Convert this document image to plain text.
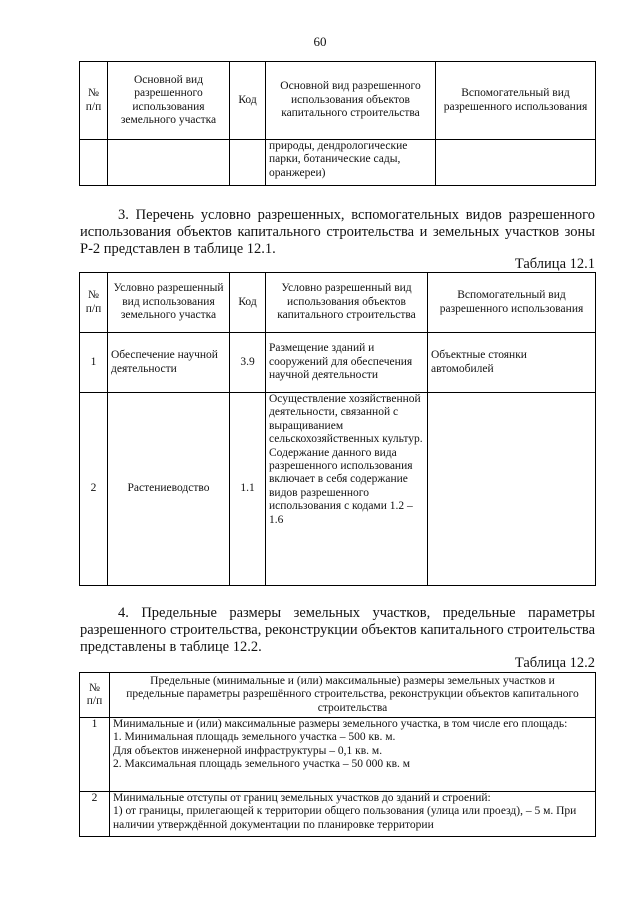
60
№ п/п	Основной вид разрешенного использования земельного участка	Код	Основной вид разрешенного использования объектов капитального строительства	Вспомогательный вид разрешенного использования
			природы, дендрологические парки, ботанические сады, оранжереи)	
3. Перечень условно разрешенных, вспомогательных видов разрешенного использования объектов капитального строительства и земельных участков зоны Р-2 представлен в таблице 12.1.
Таблица 12.1
№ п/п	Условно разрешенный вид использования земельного участка	Код	Условно разрешенный вид использования объектов капитального строительства	Вспомогательный вид разрешенного использования
1	Обеспечение научной деятельности	3.9	Размещение зданий и сооружений для обеспечения научной деятельности	Объектные стоянки автомобилей
2	Растениеводство	1.1	Осуществление хозяйственной деятельности, связанной с выращиванием сельскохозяйственных культур. Содержание данного вида разрешенного использования включает в себя содержание видов разрешенного использования с кодами 1.2 – 1.6	
4. Предельные размеры земельных участков, предельные параметры разрешенного строительства, реконструкции объектов капитального строительства представлены в таблице 12.2.
Таблица 12.2
№ п/п	Предельные (минимальные и (или) максимальные) размеры земельных участков и предельные параметры разрешённого строительства, реконструкции объектов капитального строительства
1	Минимальные и (или) максимальные размеры земельного участка, в том числе его площадь:
1. Минимальная площадь земельного участка – 500 кв. м.
Для объектов инженерной инфраструктуры – 0,1 кв. м.
2. Максимальная площадь земельного участка – 50 000 кв. м

2	Минимальные отступы от границ земельных участков до зданий и строений:
1) от границы, прилегающей к территории общего пользования (улица или проезд), – 5 м. При наличии утверждённой документации по планировке территории
